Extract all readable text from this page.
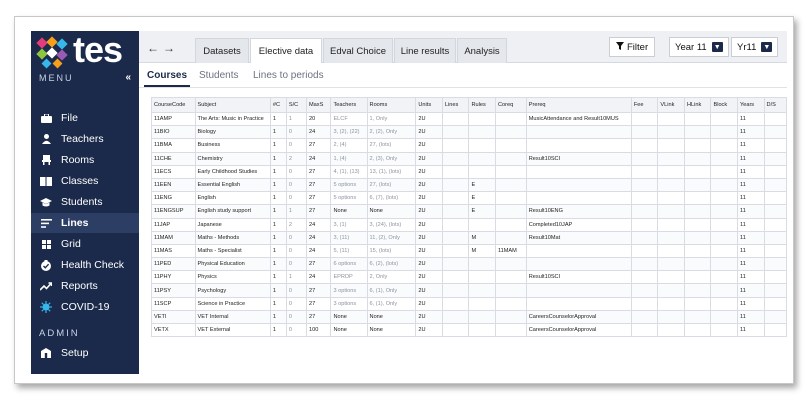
tes
MENU	«
File
Teachers
Rooms
Classes
Students
Lines
Grid
Health Check
Reports
COVID-19
ADMIN
Setup
←→	Datasets	Elective data	Edval Choice	Line results	Analysis	Filter	Year 11 ▼ Yr11 ▼
Courses Students Lines to periods
CourseCode	Subject	#C	S/C	MaxS	Teachers	Rooms	Units	Lines	Rules	Coreq	Prereq	Fee	VLink	HLink	Block	Years	D/S
11AMP	The Arts: Music in Practice	1	1	20	ELCF	1, Only	2U				MusicAttendance and Result10MUS					11	
11BIO	Biology	1	0	24	3, (2), (22)	2, (2), Only	2U									11	
11BMA	Business	1	0	27	2, (4)	27, (lots)	2U									11	
11CHE	Chemistry	1	2	24	1, (4)	2, (3), Only	2U				Result10SCI					11	
11ECS	Early Childhood Studies	1	0	27	4, (1), (13)	13, (1), (lots)	2U									11	
11EEN	Essential English	1	0	27	5 options	27, (lots)	2U		E							11	
11ENG	English	1	0	27	5 options	6, (7), (lots)	2U		E							11	
11ENGSUP	English study support	1	1	27	None	None	2U		E		Result10ENG					11	
11JAP	Japanese	1	2	24	3, (1)	3, (24), (lots)	2U				Completed10JAP					11	
11MAM	Maths - Methods	1	0	24	3, (11)	11, (2), Only	2U		M		Result10Mat					11	
11MAS	Maths - Specialist	1	0	24	5, (11)	15, (lots)	2U		M	11MAM						11	
11PED	Physical Education	1	0	27	6 options	6, (2), (lots)	2U									11	
11PHY	Physics	1	1	24	EPRDP	2, Only	2U				Result10SCI					11	
11PSY	Psychology	1	0	27	3 options	6, (1), Only	2U									11	
11SCP	Science in Practice	1	0	27	3 options	6, (1), Only	2U									11	
VETI	VET Internal	1	0	27	None	None	2U				CareersCounselorApproval					11	
VETX	VET External	1	0	100	None	None	2U				CareersCounselorApproval					11	
